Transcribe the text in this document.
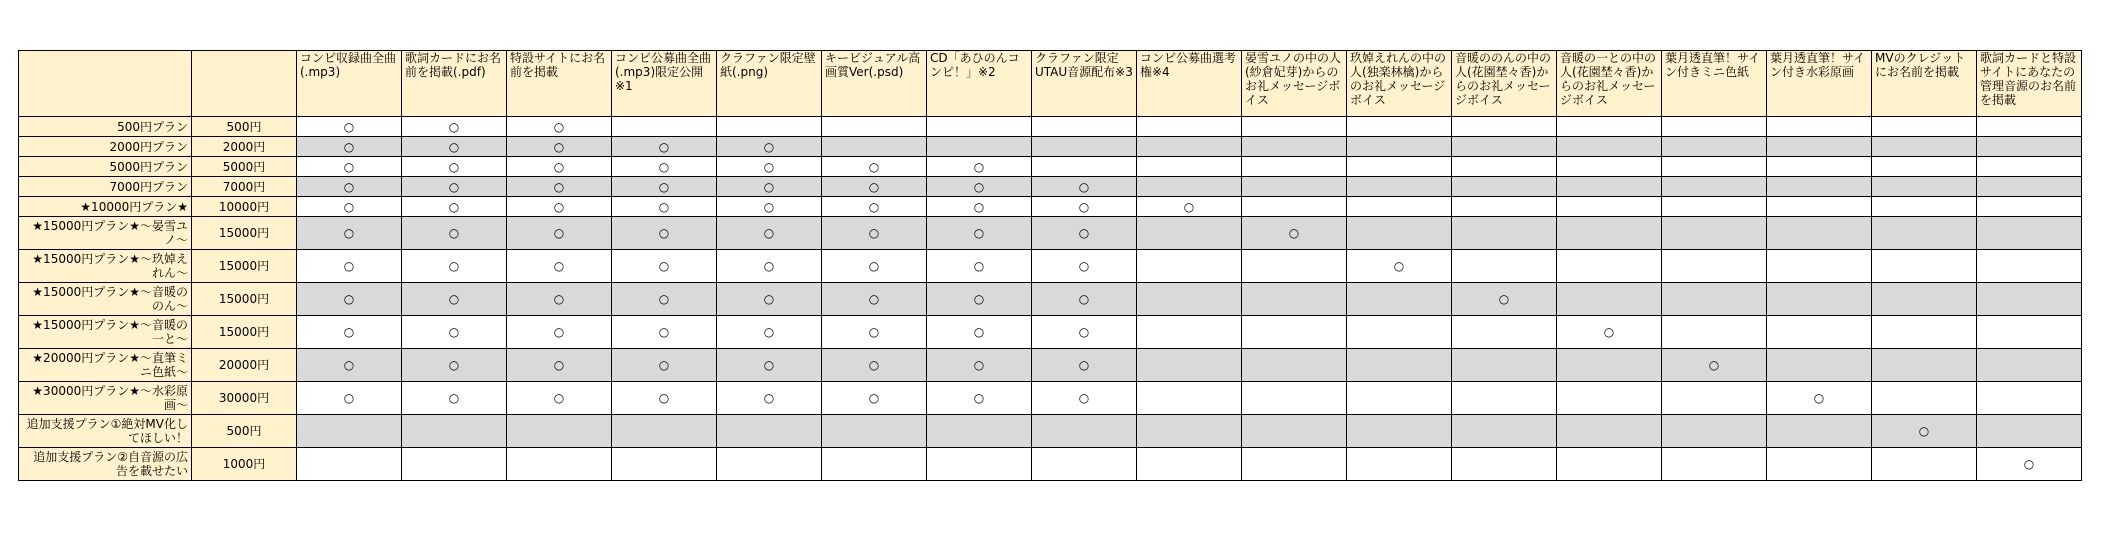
		コンピ収録曲全曲(.mp3)	歌詞カードにお名前を掲載(.pdf)	特設サイトにお名前を掲載	コンピ公募曲全曲(.mp3)限定公開※1	クラファン限定壁紙(.png)	キービジュアル高画質Ver(.psd)	CD「あひのんコンピ！」※2	クラファン限定UTAU音源配布※3	コンピ公募曲選考権※4	晏雪ユノの中の人(紗倉妃芽)からのお礼メッセージボイス	玖婥えれんの中の人(独楽林檎)からのお礼メッセージボイス	音暖ののんの中の人(花園埜々香)からのお礼メッセージボイス	音暖の一との中の人(花園埜々香)からのお礼メッセージボイス	葉月透直筆！サイン付きミニ色紙	葉月透直筆！サイン付き水彩原画	MVのクレジットにお名前を掲載	歌詞カードと特設サイトにあなたの管理音源のお名前を掲載
500円プラン	500円	○	○	○														
2000円プラン	2000円	○	○	○	○	○												
5000円プラン	5000円	○	○	○	○	○	○	○										
7000円プラン	7000円	○	○	○	○	○	○	○	○									
★10000円プラン★	10000円	○	○	○	○	○	○	○	○	○								
★15000円プラン★～晏雪ユノ～	15000円	○	○	○	○	○	○	○	○		○							
★15000円プラン★～玖婥えれん～	15000円	○	○	○	○	○	○	○	○			○						
★15000円プラン★～音暖ののん～	15000円	○	○	○	○	○	○	○	○				○					
★15000円プラン★～音暖の一と～	15000円	○	○	○	○	○	○	○	○					○				
★20000円プラン★～直筆ミニ色紙～	20000円	○	○	○	○	○	○	○	○						○			
★30000円プラン★～水彩原画～	30000円	○	○	○	○	○	○	○	○							○		
追加支援プラン①絶対MV化してほしい！	500円																○	
追加支援プラン②自音源の広告を載せたい	1000円																	○
